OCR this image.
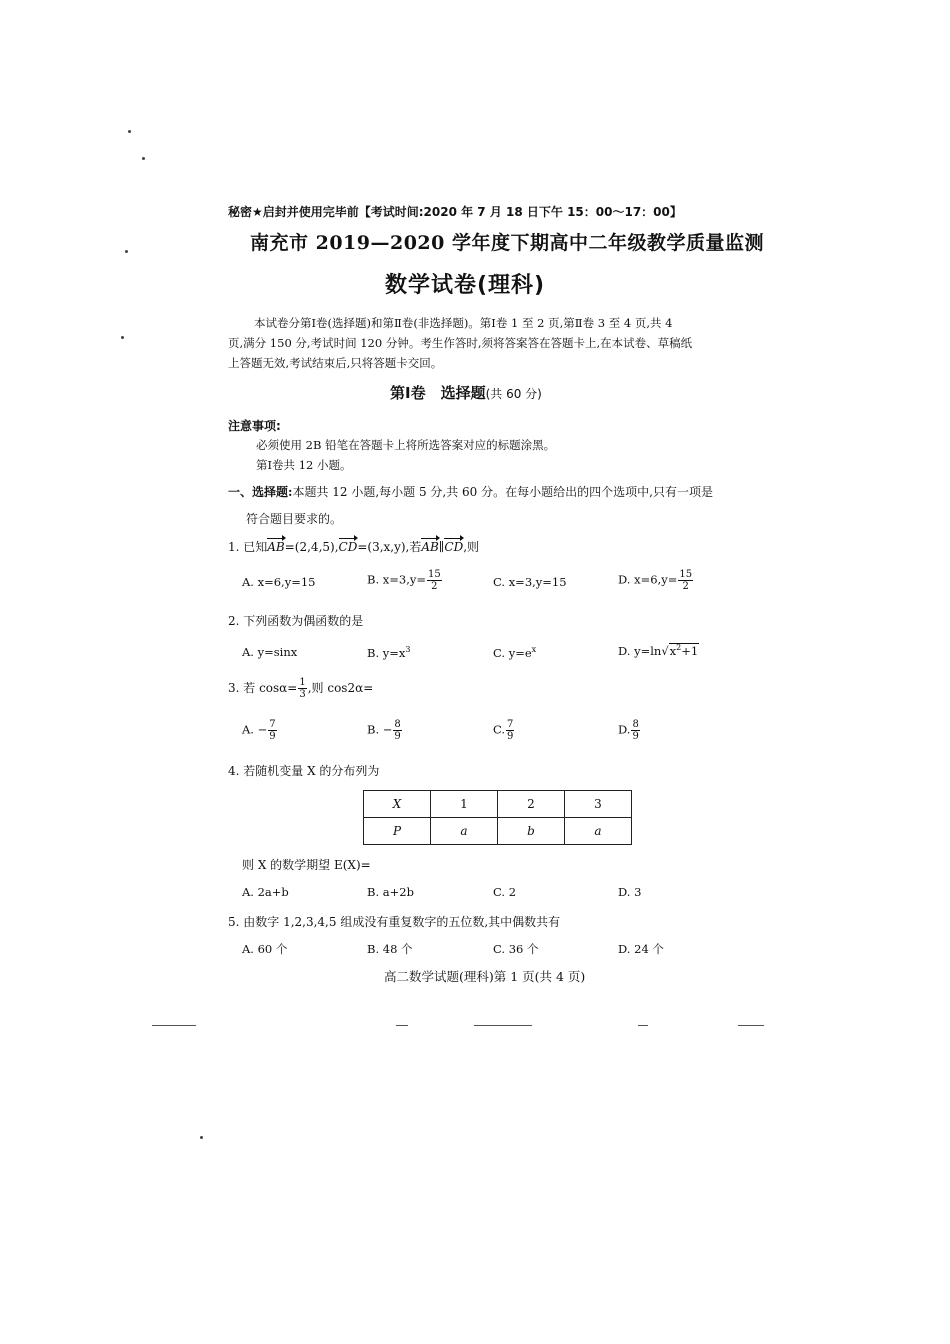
秘密★启封并使用完毕前【考试时间:2020 年 7 月 18 日下午 15：00～17：00】
南充市 2019—2020 学年度下期高中二年级教学质量监测
数学试卷(理科)

本试卷分第Ⅰ卷(选择题)和第Ⅱ卷(非选择题)。第Ⅰ卷 1 至 2 页,第Ⅱ卷 3 至 4 页,共 4

页,满分 150 分,考试时间 120 分钟。考生作答时,须将答案答在答题卡上,在本试卷、草稿纸

上答题无效,考试结束后,只将答题卡交回。

第Ⅰ卷　选择题(共 60 分)
注意事项:
必须使用 2B 铅笔在答题卡上将所选答案对应的标题涂黑。
第Ⅰ卷共 12 小题。
一、选择题:本题共 12 小题,每小题 5 分,共 60 分。在每小题给出的四个选项中,只有一项是
符合题目要求的。
1. 已知AB=(2,4,5),CD=(3,x,y),若AB∥CD,则
A. x=6,y=15	B. $x=3,y= \frac{15}{2}$	C. x=3,y=15	D. $x=6,y= \frac{15}{2}$
2. 下列函数为偶函数的是
A. y=sinx	B. $y=x^3$	C. $y=e^x$	D. $y=\ln√x^2+1$
3. 若 $\cos\alpha= \frac{1}{3}$ ,则 cos2α=
A. − $\frac{7}{9}$	B. − $\frac{8}{9}$	C. $\frac{7}{9}$	D. $\frac{8}{9}$
4. 若随机变量 X 的分布列为
X	1	2	3
P	a	b	a
则 X 的数学期望 E(X)=
A. 2a+b	B. a+2b	C. 2	D. 3
5. 由数字 1,2,3,4,5 组成没有重复数字的五位数,其中偶数共有
A. 60 个	B. 48 个	C. 36 个	D. 24 个
高二数学试题(理科)第 1 页(共 4 页)
